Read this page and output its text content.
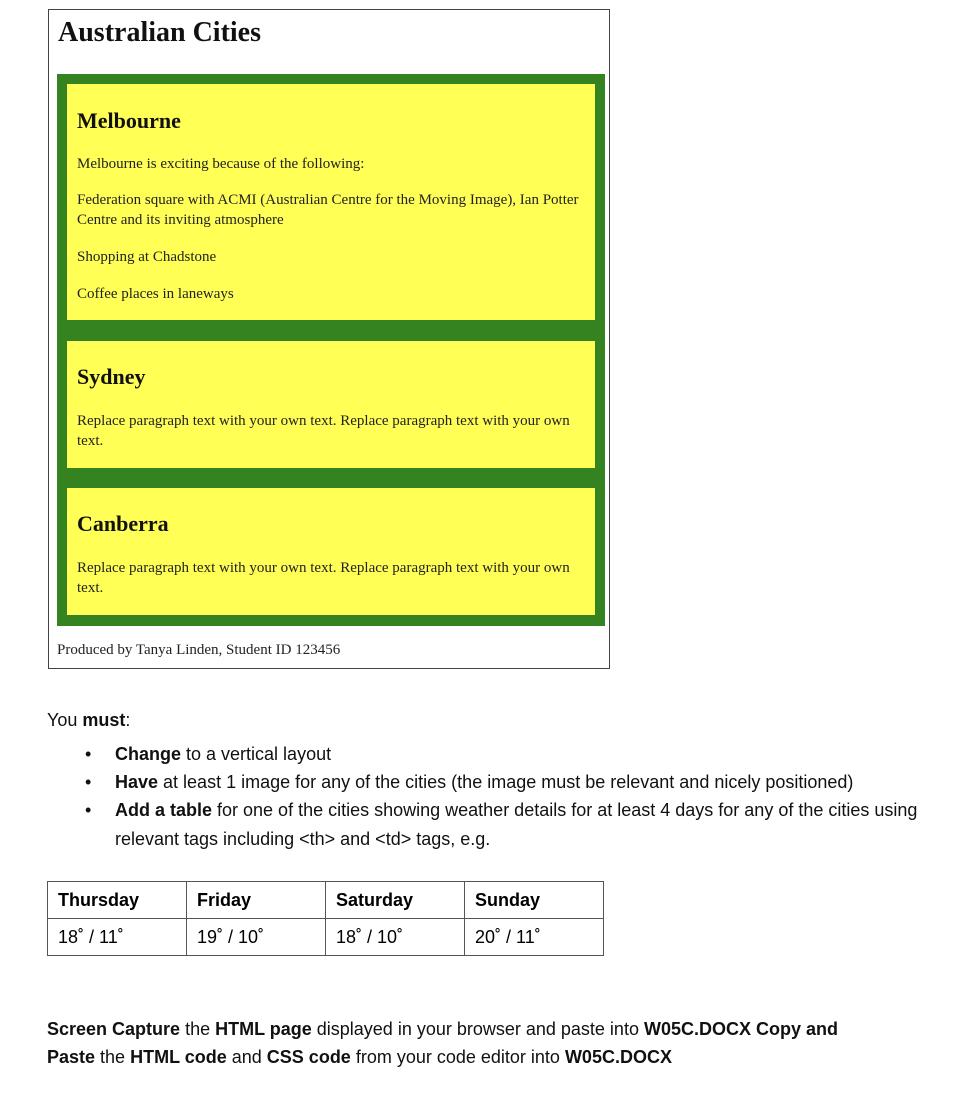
Australian Cities
Melbourne

Melbourne is exciting because of the following:

Federation square with ACMI (Australian Centre for the Moving Image), Ian Potter Centre and its inviting atmosphere

Shopping at Chadstone

Coffee places in laneways

Sydney

Replace paragraph text with your own text. Replace paragraph text with your own text.

Canberra

Replace paragraph text with your own text. Replace paragraph text with your own text.

Produced by Tanya Linden, Student ID 123456
You must:
•	Change to a vertical layout
•	Have at least 1 image for any of the cities (the image must be relevant and nicely positioned)
•	Add a table for one of the cities showing weather details for at least 4 days for any of the cities using relevant tags including <th> and <td> tags, e.g.
Thursday	Friday	Saturday	Sunday
18˚ / 11˚	19˚ / 10˚	18˚ / 10˚	20˚ / 11˚
Screen Capture the HTML page displayed in your browser and paste into W05C.DOCX Copy and Paste the HTML code and CSS code from your code editor into W05C.DOCX
